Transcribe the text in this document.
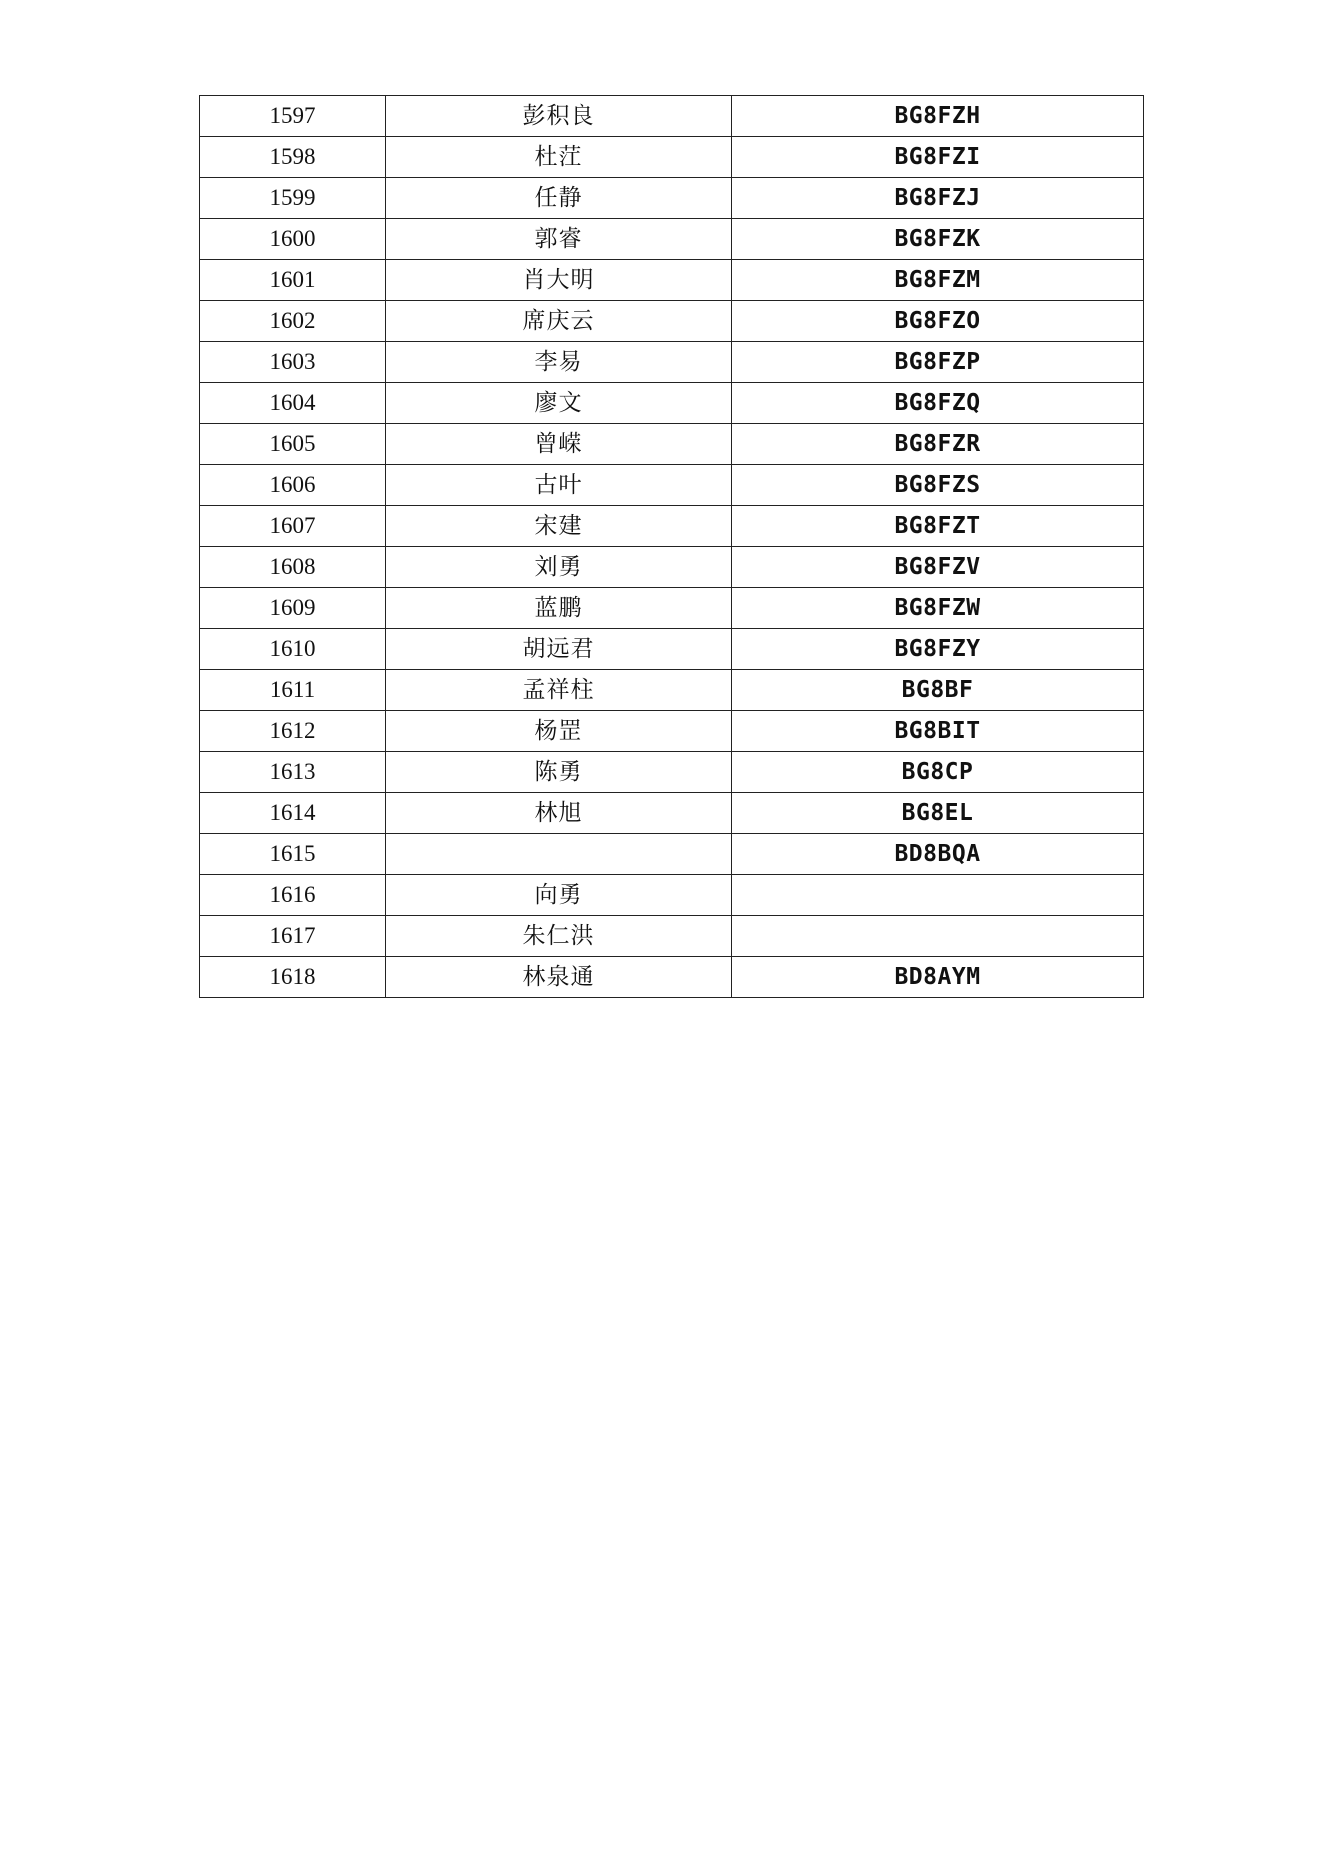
1597	彭积良	BG8FZH
1598	杜茳	BG8FZI
1599	任静	BG8FZJ
1600	郭睿	BG8FZK
1601	肖大明	BG8FZM
1602	席庆云	BG8FZO
1603	李易	BG8FZP
1604	廖文	BG8FZQ
1605	曾嵘	BG8FZR
1606	古叶	BG8FZS
1607	宋建	BG8FZT
1608	刘勇	BG8FZV
1609	蓝鹏	BG8FZW
1610	胡远君	BG8FZY
1611	孟祥柱	BG8BF
1612	杨罡	BG8BIT
1613	陈勇	BG8CP
1614	林旭	BG8EL
1615		BD8BQA
1616	向勇	
1617	朱仁洪	
1618	林泉通	BD8AYM
